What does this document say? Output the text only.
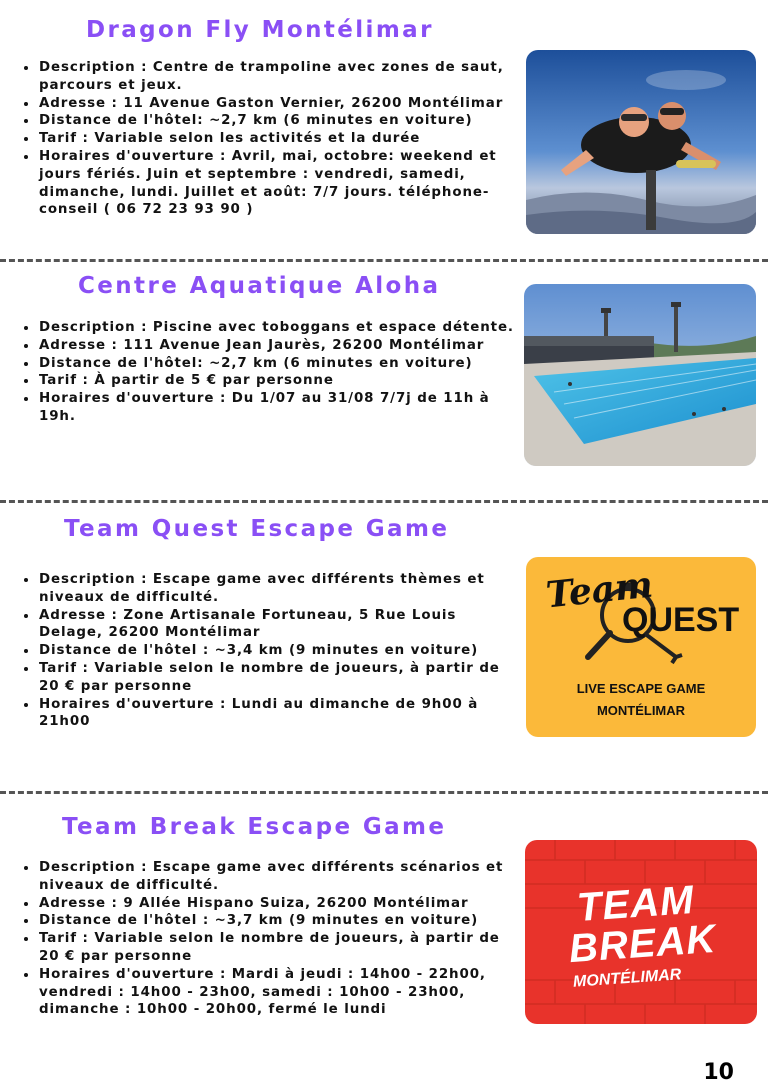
Dragon Fly Montélimar
Description : Centre de trampoline avec zones de saut, parcours et jeux.
Adresse : 11 Avenue Gaston Vernier, 26200 Montélimar
Distance de l'hôtel: ~2,7 km (6 minutes en voiture)
Tarif : Variable selon les activités et la durée
Horaires d'ouverture : Avril, mai, octobre: weekend et jours fériés. Juin et septembre : vendredi, samedi, dimanche, lundi. Juillet et août: 7/7 jours. téléphone-conseil ( 06 72 23 93 90 )
Centre Aquatique Aloha
Description : Piscine avec toboggans et espace détente.
Adresse : 111 Avenue Jean Jaurès, 26200 Montélimar
Distance de l'hôtel: ~2,7 km (6 minutes en voiture)
Tarif : À partir de 5 € par personne
Horaires d'ouverture : Du 1/07 au 31/08 7/7j de 11h à 19h.
Team Quest Escape Game
Description : Escape game avec différents thèmes et niveaux de difficulté.
Adresse : Zone Artisanale Fortuneau, 5 Rue Louis Delage, 26200 Montélimar
Distance de l'hôtel : ~3,4 km (9 minutes en voiture)
Tarif : Variable selon le nombre de joueurs, à partir de 20 € par personne
Horaires d'ouverture : Lundi au dimanche de 9h00 à 21h00
Team
QUEST
LIVE ESCAPE GAME
MONTÉLIMAR
Team Break Escape Game
Description : Escape game avec différents scénarios et niveaux de difficulté.
Adresse : 9 Allée Hispano Suiza, 26200 Montélimar
Distance de l'hôtel : ~3,7 km (9 minutes en voiture)
Tarif : Variable selon le nombre de joueurs, à partir de 20 € par personne
Horaires d'ouverture : Mardi à jeudi : 14h00 - 22h00, vendredi : 14h00 - 23h00, samedi : 10h00 - 23h00, dimanche : 10h00 - 20h00, fermé le lundi
TEAM
BREAK
MONTÉLIMAR
10
